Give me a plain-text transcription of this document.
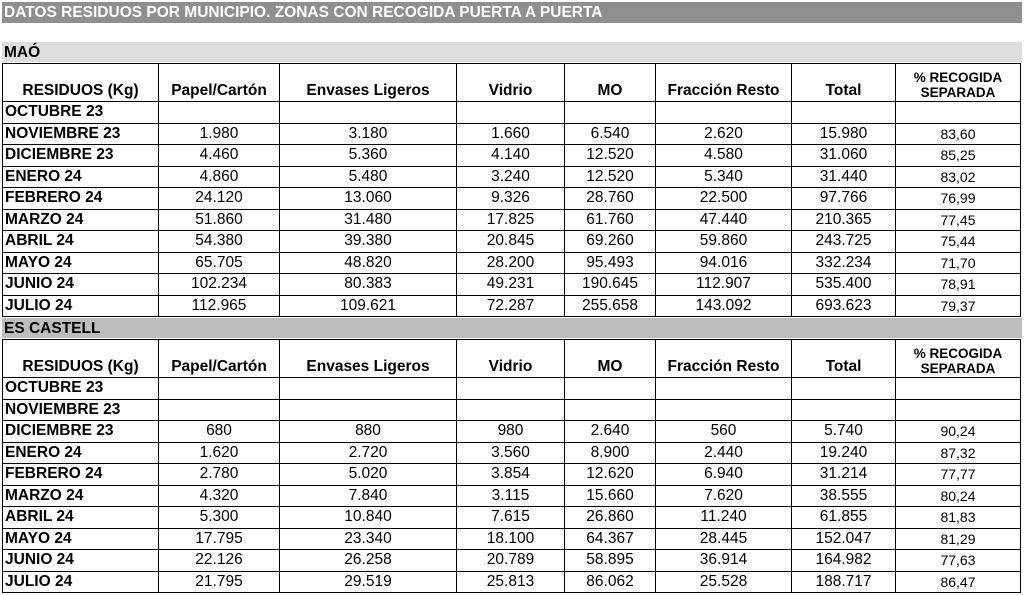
DATOS RESIDUOS POR MUNICIPIO. ZONAS CON RECOGIDA PUERTA A PUERTA
MAÓ
RESIDUOS (Kg)	Papel/Cartón	Envases Ligeros	Vidrio	MO	Fracción Resto	Total	% RECOGIDA SEPARADA
OCTUBRE 23							
NOVIEMBRE 23	1.980	3.180	1.660	6.540	2.620	15.980	83,60
DICIEMBRE 23	4.460	5.360	4.140	12.520	4.580	31.060	85,25
ENERO 24	4.860	5.480	3.240	12.520	5.340	31.440	83,02
FEBRERO 24	24.120	13.060	9.326	28.760	22.500	97.766	76,99
MARZO 24	51.860	31.480	17.825	61.760	47.440	210.365	77,45
ABRIL 24	54.380	39.380	20.845	69.260	59.860	243.725	75,44
MAYO 24	65.705	48.820	28.200	95.493	94.016	332.234	71,70
JUNIO 24	102.234	80.383	49.231	190.645	112.907	535.400	78,91
JULIO 24	112.965	109.621	72.287	255.658	143.092	693.623	79,37
ES CASTELL
RESIDUOS (Kg)	Papel/Cartón	Envases Ligeros	Vidrio	MO	Fracción Resto	Total	% RECOGIDA SEPARADA
OCTUBRE 23							
NOVIEMBRE 23							
DICIEMBRE 23	680	880	980	2.640	560	5.740	90,24
ENERO 24	1.620	2.720	3.560	8.900	2.440	19.240	87,32
FEBRERO 24	2.780	5.020	3.854	12.620	6.940	31.214	77,77
MARZO 24	4.320	7.840	3.115	15.660	7.620	38.555	80,24
ABRIL 24	5.300	10.840	7.615	26.860	11.240	61.855	81,83
MAYO 24	17.795	23.340	18.100	64.367	28.445	152.047	81,29
JUNIO 24	22.126	26.258	20.789	58.895	36.914	164.982	77,63
JULIO 24	21.795	29.519	25.813	86.062	25.528	188.717	86,47
